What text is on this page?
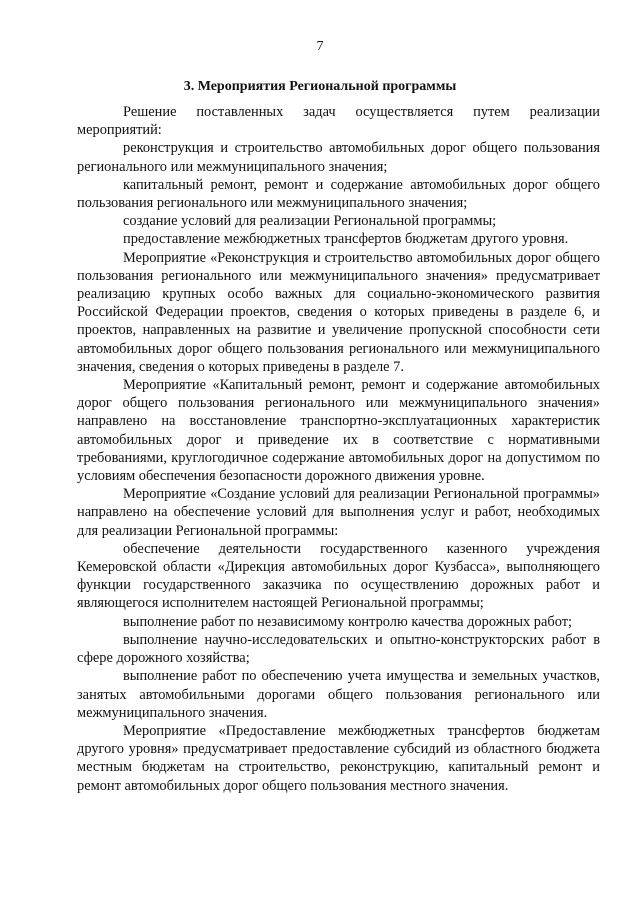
7
3. Мероприятия Региональной программы

Решение поставленных задач осуществляется путем реализации мероприятий:

реконструкция и строительство автомобильных дорог общего пользования регионального или межмуниципального значения;

капитальный ремонт, ремонт и содержание автомобильных дорог общего пользования регионального или межмуниципального значения;

создание условий для реализации Региональной программы;

предоставление межбюджетных трансфертов бюджетам другого уровня.

Мероприятие «Реконструкция и строительство автомобильных дорог общего пользования регионального или межмуниципального значения» предусматривает реализацию крупных особо важных для социально-экономического развития Российской Федерации проектов, сведения о которых приведены в разделе 6, и проектов, направленных на развитие и увеличение пропускной способности сети автомобильных дорог общего пользования регионального или межмуниципального значения, сведения о которых приведены в разделе 7.

Мероприятие «Капитальный ремонт, ремонт и содержание автомобильных дорог общего пользования регионального или межмуниципального значения» направлено на восстановление транспортно-эксплуатационных характеристик автомобильных дорог и приведение их в соответствие с нормативными требованиями, круглогодичное содержание автомобильных дорог на допустимом по условиям обеспечения безопасности дорожного движения уровне.

Мероприятие «Создание условий для реализации Региональной программы» направлено на обеспечение условий для выполнения услуг и работ, необходимых для реализации Региональной программы:

обеспечение деятельности государственного казенного учреждения Кемеровской области «Дирекция автомобильных дорог Кузбасса», выполняющего функции государственного заказчика по осуществлению дорожных работ и являющегося исполнителем настоящей Региональной программы;

выполнение работ по независимому контролю качества дорожных работ;

выполнение научно-исследовательских и опытно-конструкторских работ в сфере дорожного хозяйства;

выполнение работ по обеспечению учета имущества и земельных участков, занятых автомобильными дорогами общего пользования регионального или межмуниципального значения.

Мероприятие «Предоставление межбюджетных трансфертов бюджетам другого уровня» предусматривает предоставление субсидий из областного бюджета местным бюджетам на строительство, реконструкцию, капитальный ремонт и ремонт автомобильных дорог общего пользования местного значения.
